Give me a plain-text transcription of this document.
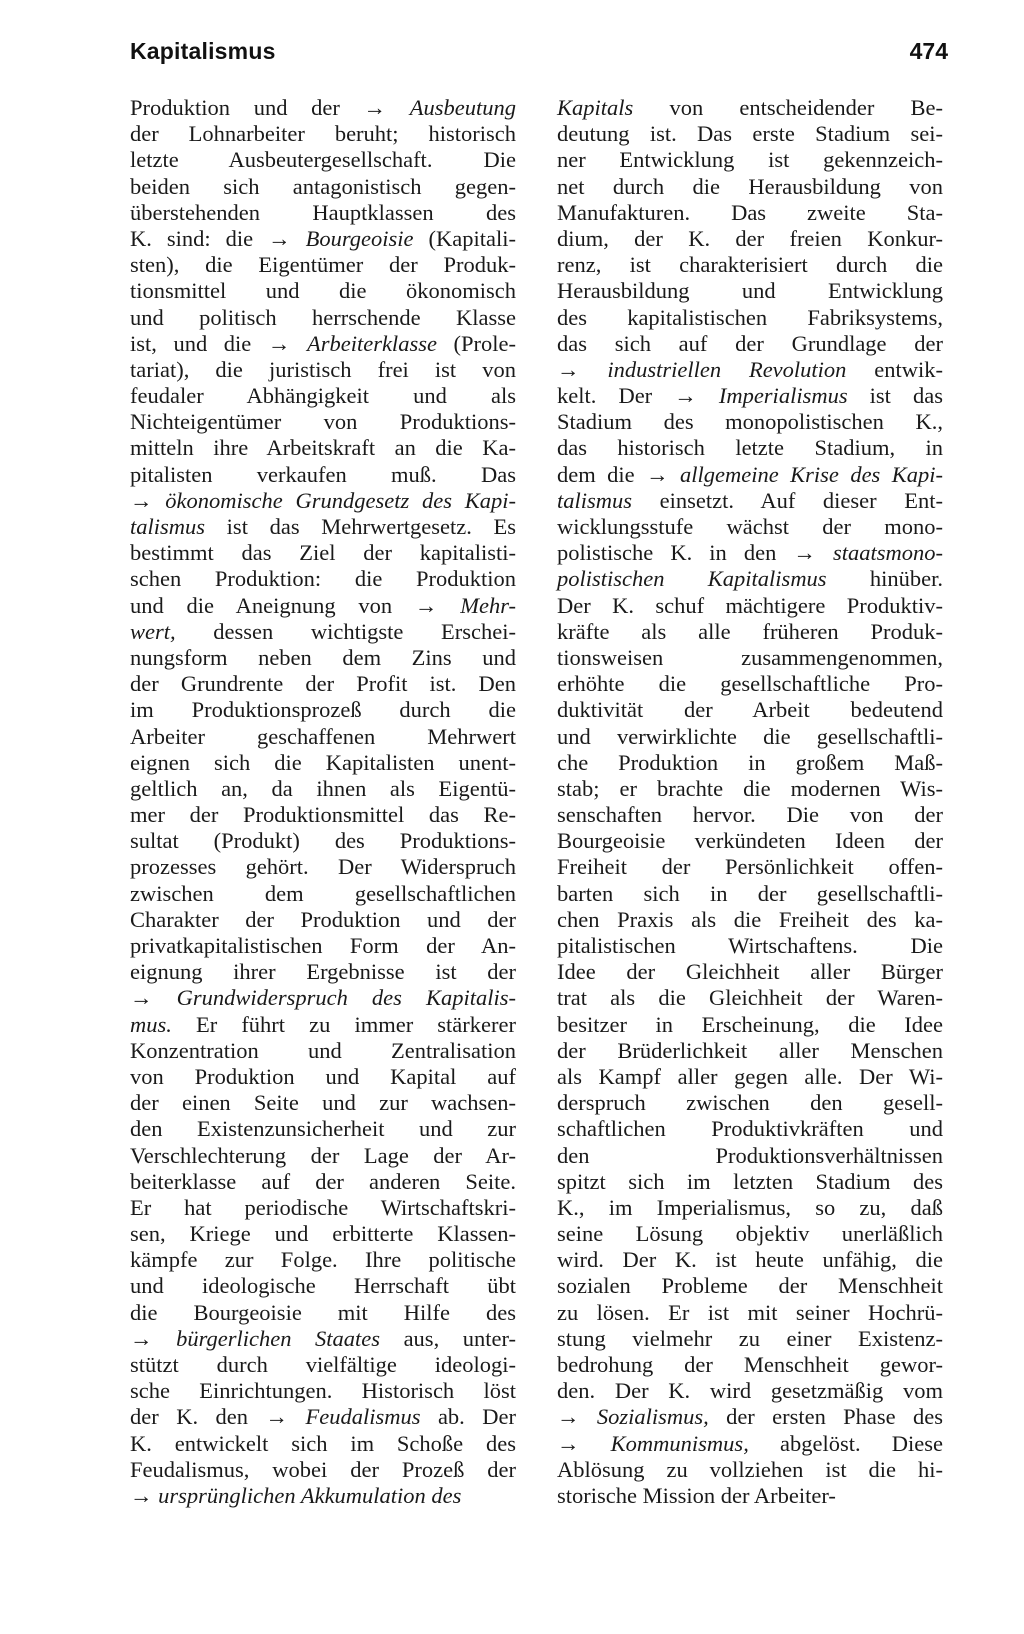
Kapitalismus	474
Produktion und der → Ausbeutung
der Lohnarbeiter beruht; historisch
letzte Ausbeutergesellschaft. Die
beiden sich antagonistisch gegen-
überstehenden Hauptklassen des
K. sind: die → Bourgeoisie (Kapitali-
sten), die Eigentümer der Produk-
tionsmittel und die ökonomisch
und politisch herrschende Klasse
ist, und die → Arbeiterklasse (Prole-
tariat), die juristisch frei ist von
feudaler Abhängigkeit und als
Nichteigentümer von Produktions-
mitteln ihre Arbeitskraft an die Ka-
pitalisten verkaufen muß. Das
→ ökonomische Grundgesetz des Kapi-
talismus ist das Mehrwertgesetz. Es
bestimmt das Ziel der kapitalisti-
schen Produktion: die Produktion
und die Aneignung von → Mehr-
wert, dessen wichtigste Erschei-
nungsform neben dem Zins und
der Grundrente der Profit ist. Den
im Produktionsprozeß durch die
Arbeiter geschaffenen Mehrwert
eignen sich die Kapitalisten unent-
geltlich an, da ihnen als Eigentü-
mer der Produktionsmittel das Re-
sultat (Produkt) des Produktions-
prozesses gehört. Der Widerspruch
zwischen dem gesellschaftlichen
Charakter der Produktion und der
privatkapitalistischen Form der An-
eignung ihrer Ergebnisse ist der
→ Grundwiderspruch des Kapitalis-
mus. Er führt zu immer stärkerer
Konzentration und Zentralisation
von Produktion und Kapital auf
der einen Seite und zur wachsen-
den Existenzunsicherheit und zur
Verschlechterung der Lage der Ar-
beiterklasse auf der anderen Seite.
Er hat periodische Wirtschaftskri-
sen, Kriege und erbitterte Klassen-
kämpfe zur Folge. Ihre politische
und ideologische Herrschaft übt
die Bourgeoisie mit Hilfe des
→ bürgerlichen Staates aus, unter-
stützt durch vielfältige ideologi-
sche Einrichtungen. Historisch löst
der K. den → Feudalismus ab. Der
K. entwickelt sich im Schoße des
Feudalismus, wobei der Prozeß der
→ ursprünglichen Akkumulation des
Kapitals von entscheidender Be-
deutung ist. Das erste Stadium sei-
ner Entwicklung ist gekennzeich-
net durch die Herausbildung von
Manufakturen. Das zweite Sta-
dium, der K. der freien Konkur-
renz, ist charakterisiert durch die
Herausbildung und Entwicklung
des kapitalistischen Fabriksystems,
das sich auf der Grundlage der
→ industriellen Revolution entwik-
kelt. Der → Imperialismus ist das
Stadium des monopolistischen K.,
das historisch letzte Stadium, in
dem die → allgemeine Krise des Kapi-
talismus einsetzt. Auf dieser Ent-
wicklungsstufe wächst der mono-
polistische K. in den → staatsmono-
polistischen Kapitalismus hinüber.
Der K. schuf mächtigere Produktiv-
kräfte als alle früheren Produk-
tionsweisen zusammengenommen,
erhöhte die gesellschaftliche Pro-
duktivität der Arbeit bedeutend
und verwirklichte die gesellschaftli-
che Produktion in großem Maß-
stab; er brachte die modernen Wis-
senschaften hervor. Die von der
Bourgeoisie verkündeten Ideen der
Freiheit der Persönlichkeit offen-
barten sich in der gesellschaftli-
chen Praxis als die Freiheit des ka-
pitalistischen Wirtschaftens. Die
Idee der Gleichheit aller Bürger
trat als die Gleichheit der Waren-
besitzer in Erscheinung, die Idee
der Brüderlichkeit aller Menschen
als Kampf aller gegen alle. Der Wi-
derspruch zwischen den gesell-
schaftlichen Produktivkräften und
den Produktionsverhältnissen
spitzt sich im letzten Stadium des
K., im Imperialismus, so zu, daß
seine Lösung objektiv unerläßlich
wird. Der K. ist heute unfähig, die
sozialen Probleme der Menschheit
zu lösen. Er ist mit seiner Hochrü-
stung vielmehr zu einer Existenz-
bedrohung der Menschheit gewor-
den. Der K. wird gesetzmäßig vom
→ Sozialismus, der ersten Phase des
→ Kommunismus, abgelöst. Diese
Ablösung zu vollziehen ist die hi-
storische Mission der Arbeiter-
